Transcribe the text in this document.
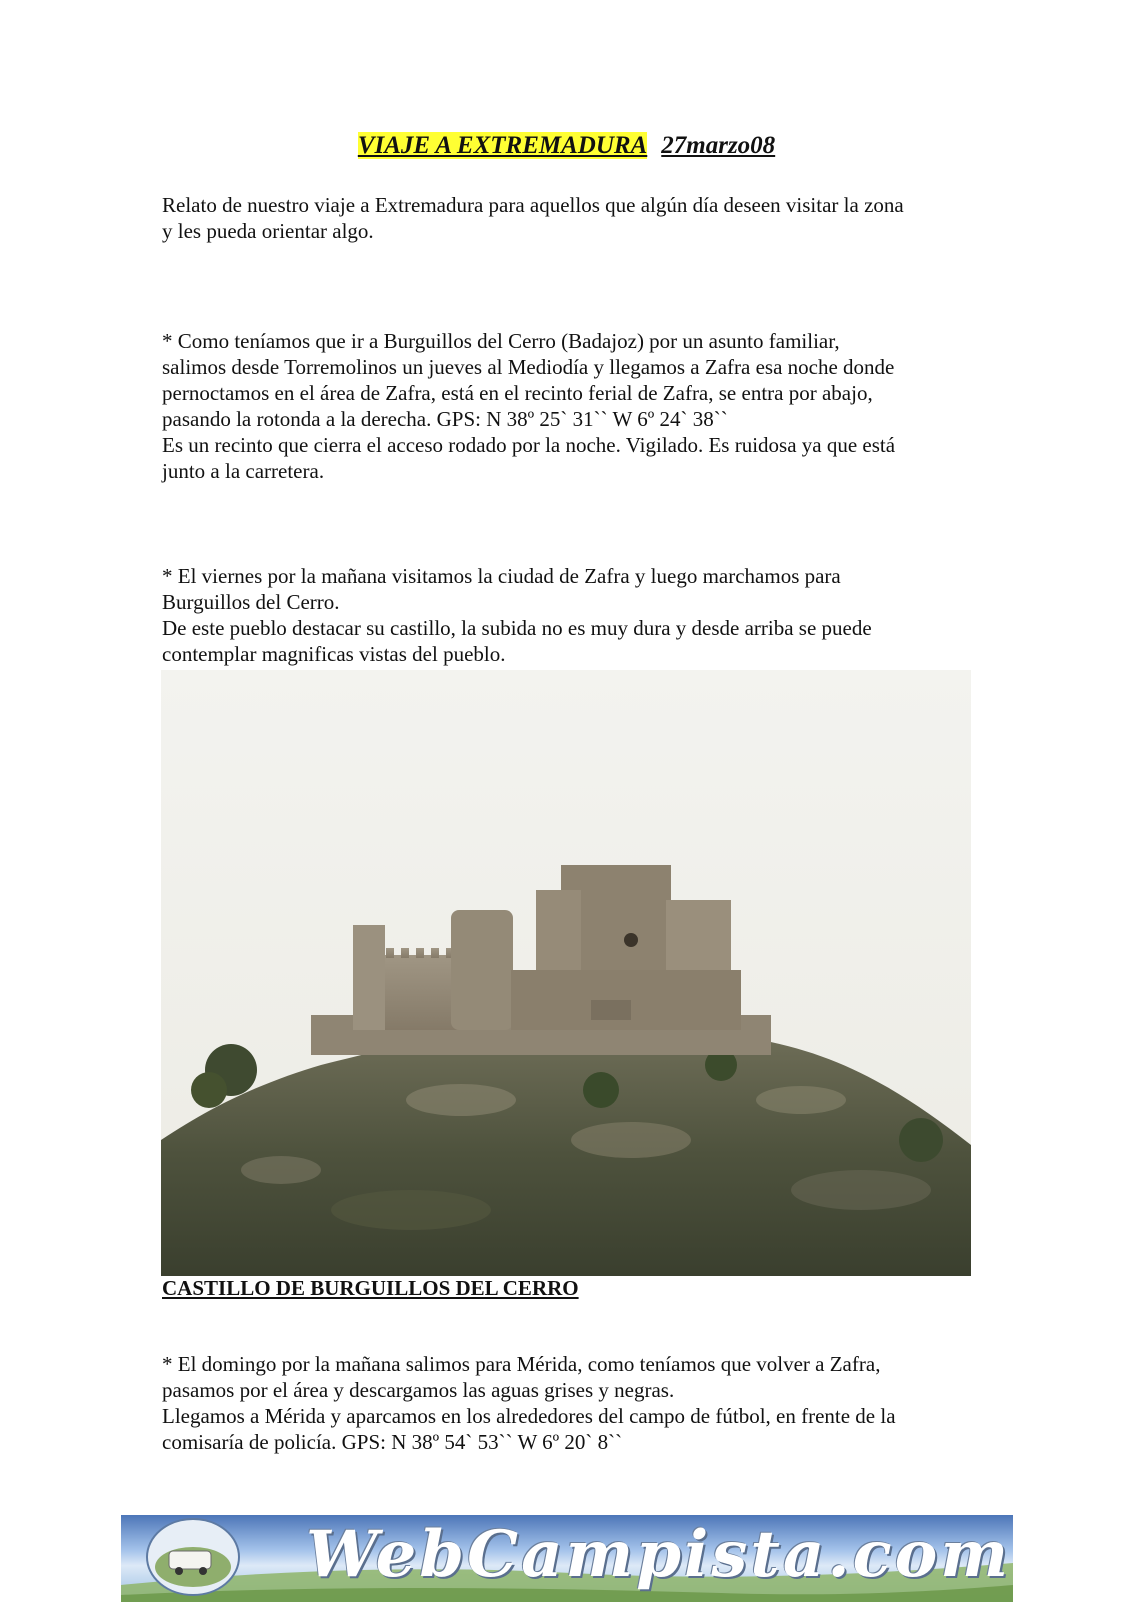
VIAJE A EXTREMADURA 27marzo08

Relato de nuestro viaje a Extremadura para aquellos que algún día deseen visitar la zona

y les pueda orientar algo.

* Como teníamos que ir a Burguillos del Cerro (Badajoz) por un asunto familiar,

salimos desde Torremolinos un jueves al Mediodía y llegamos a Zafra esa noche donde

pernoctamos en el área de Zafra, está en el recinto ferial de Zafra, se entra por abajo,

pasando la rotonda a la derecha. GPS: N 38º 25` 31`` W 6º 24` 38``

Es un recinto que cierra el acceso rodado por la noche. Vigilado. Es ruidosa ya que está

junto a la carretera.

* El viernes por la mañana visitamos la ciudad de Zafra y luego marchamos para

Burguillos del Cerro.

De este pueblo destacar su castillo, la subida no es muy dura y desde arriba se puede

contemplar magnificas vistas del pueblo.

CASTILLO DE BURGUILLOS DEL CERRO

* El domingo por la mañana salimos para Mérida, como teníamos que volver a Zafra,

pasamos por el área y descargamos las aguas grises y negras.

Llegamos a Mérida y aparcamos en los alrededores del campo de fútbol, en frente de la

comisaría de policía. GPS: N 38º 54` 53`` W 6º 20` 8``

WebCampista.com
